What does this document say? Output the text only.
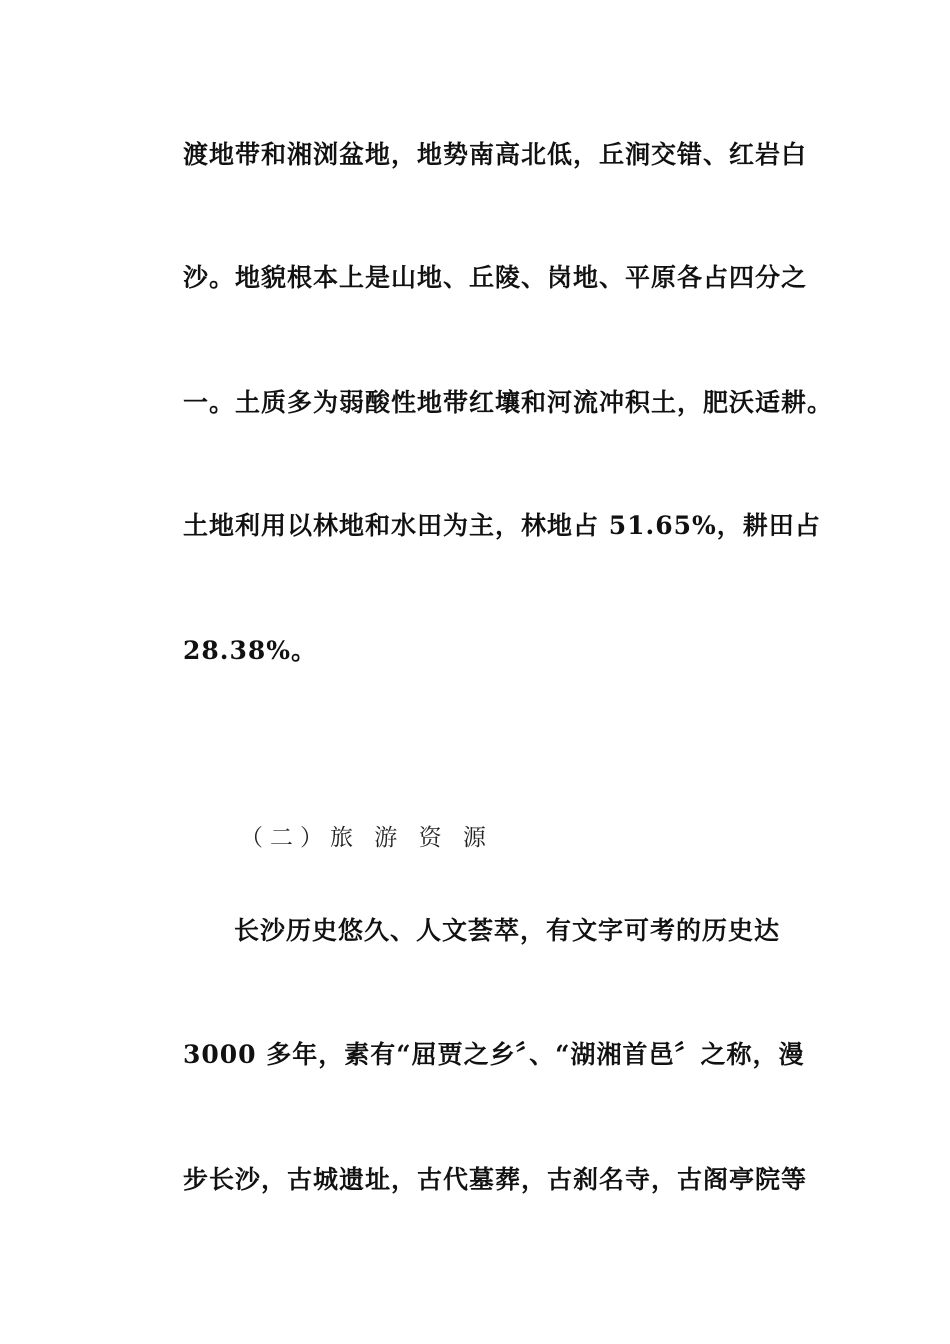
渡地带和湘浏盆地，地势南高北低，丘涧交错、红岩白
沙。地貌根本上是山地、丘陵、岗地、平原各占四分之
一。土质多为弱酸性地带红壤和河流冲积土，肥沃适耕。
土地利用以林地和水田为主，林地占 51.65%，耕田占
28.38%。
（二）旅 游 资 源
长沙历史悠久、人文荟萃，有文字可考的历史达
3000 多年，素有“屈贾之乡〞、“湖湘首邑〞之称，漫
步长沙，古城遗址，古代墓葬，古刹名寺，古阁亭院等
